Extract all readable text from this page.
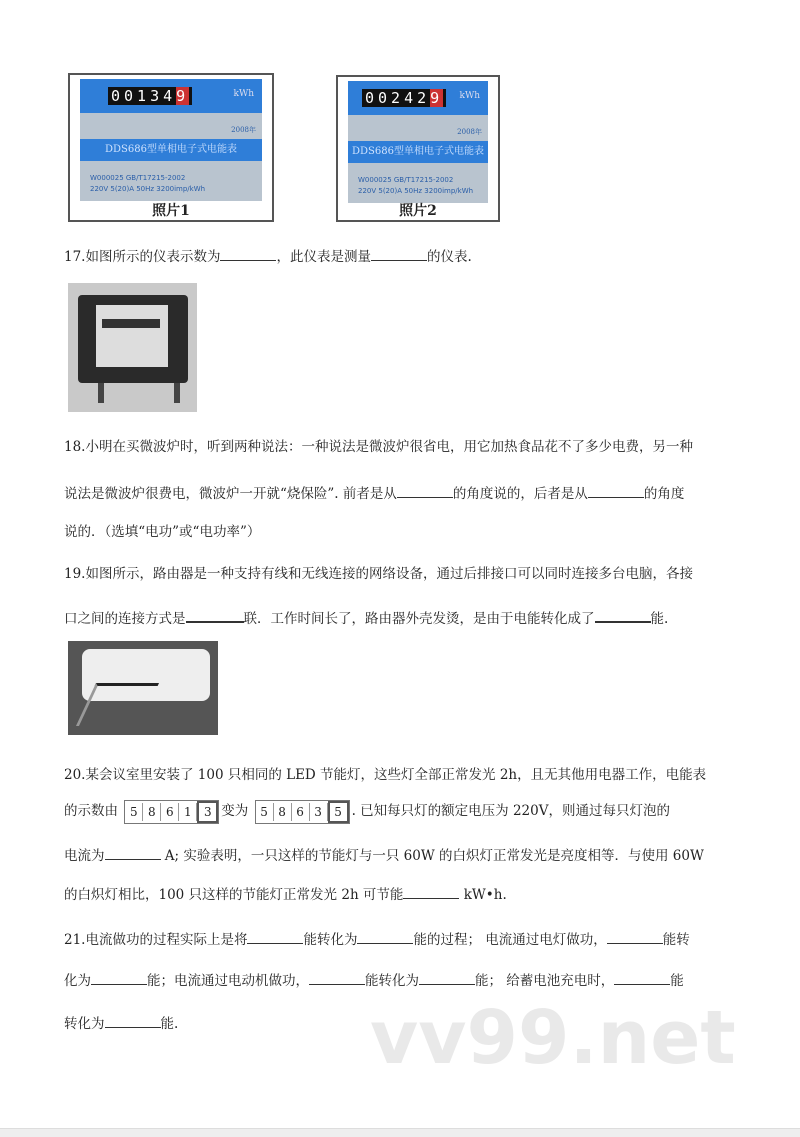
001349	kWh
2008年
DDS686型单相电子式电能表
W000025 GB/T17215-2002
220V 5(20)A 50Hz 3200imp/kWh
照片1
002429	kWh
2008年
DDS686型单相电子式电能表
W000025 GB/T17215-2002
220V 5(20)A 50Hz 3200imp/kWh
照片2
17.如图所示的仪表示数为	，此仪表是测量	的仪表.
18.小明在买微波炉时，听到两种说法：一种说法是微波炉很省电，用它加热食品花不了多少电费，另一种
说法是微波炉很费电，微波炉一开就“烧保险”. 前者是从	的角度说的，后者是从	的角度
说的．（选填“电功”或“电功率”）
19.如图所示，路由器是一种支持有线和无线连接的网络设备，通过后排接口可以同时连接多台电脑，各接
口之间的连接方式是	联．工作时间长了，路由器外壳发烫，是由于电能转化成了	能.
20.某会议室里安装了 100 只相同的 LED 节能灯，这些灯全部正常发光 2h，且无其他用电器工作，电能表
的示数由 5 8 6 1 3 变为 5 8 6 3 5 . 已知每只灯的额定电压为 220V，则通过每只灯泡的
电流为	A; 实验表明，一只这样的节能灯与一只 60W 的白炽灯正常发光是亮度相等．与使用 60W
的白炽灯相比，100 只这样的节能灯正常发光 2h 可节能	kW•h.
21.电流做功的过程实际上是将	能转化为	能的过程； 电流通过电灯做功，	能转
化为	能；电流通过电动机做功，	能转化为	能； 给蓄电池充电时，	能
转化为	能.	vv99.net
